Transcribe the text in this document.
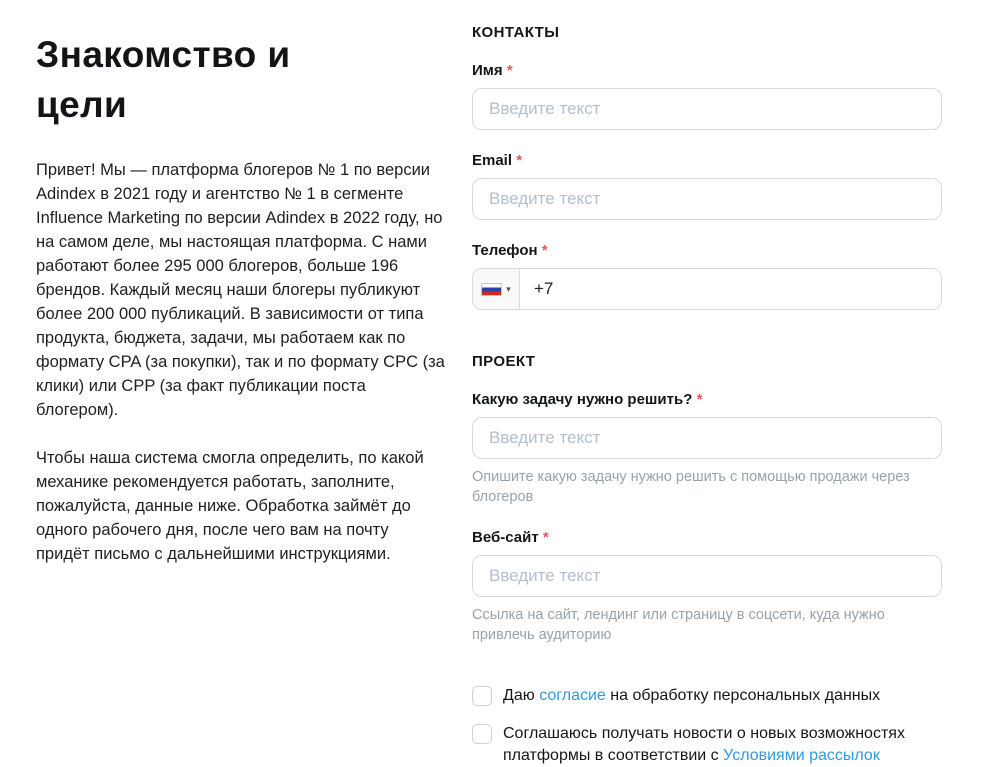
Знакомство и цели

Привет! Мы — платформа блогеров № 1 по версии Adindex в 2021 году и агентство № 1 в сегменте Influence Marketing по версии Adindex в 2022 году, но на самом деле, мы настоящая платформа. С нами работают более 295 000 блогеров, больше 196 брендов. Каждый месяц наши блогеры публикуют более 200 000 публикаций. В зависимости от типа продукта, бюджета, задачи, мы работаем как по формату CPA (за покупки), так и по формату CPC (за клики) или CPP (за факт публикации поста блогером).

Чтобы наша система смогла определить, по какой механике рекомендуется работать, заполните, пожалуйста, данные ниже. Обработка займёт до одного рабочего дня, после чего вам на почту придёт письмо с дальнейшими инструкциями.

КОНТАКТЫ
Имя *
Введите текст
Email *
Введите текст
Телефон *
▾
+7
ПРОЕКТ
Какую задачу нужно решить? *
Введите текст
Опишите какую задачу нужно решить с помощью продажи через блогеров
Веб-сайт *
Введите текст
Ссылка на сайт, лендинг или страницу в соцсети, куда нужно привлечь аудиторию
Даю согласие на обработку персональных данных
Соглашаюсь получать новости о новых возможностях платформы в соответствии с Условиями рассылок
